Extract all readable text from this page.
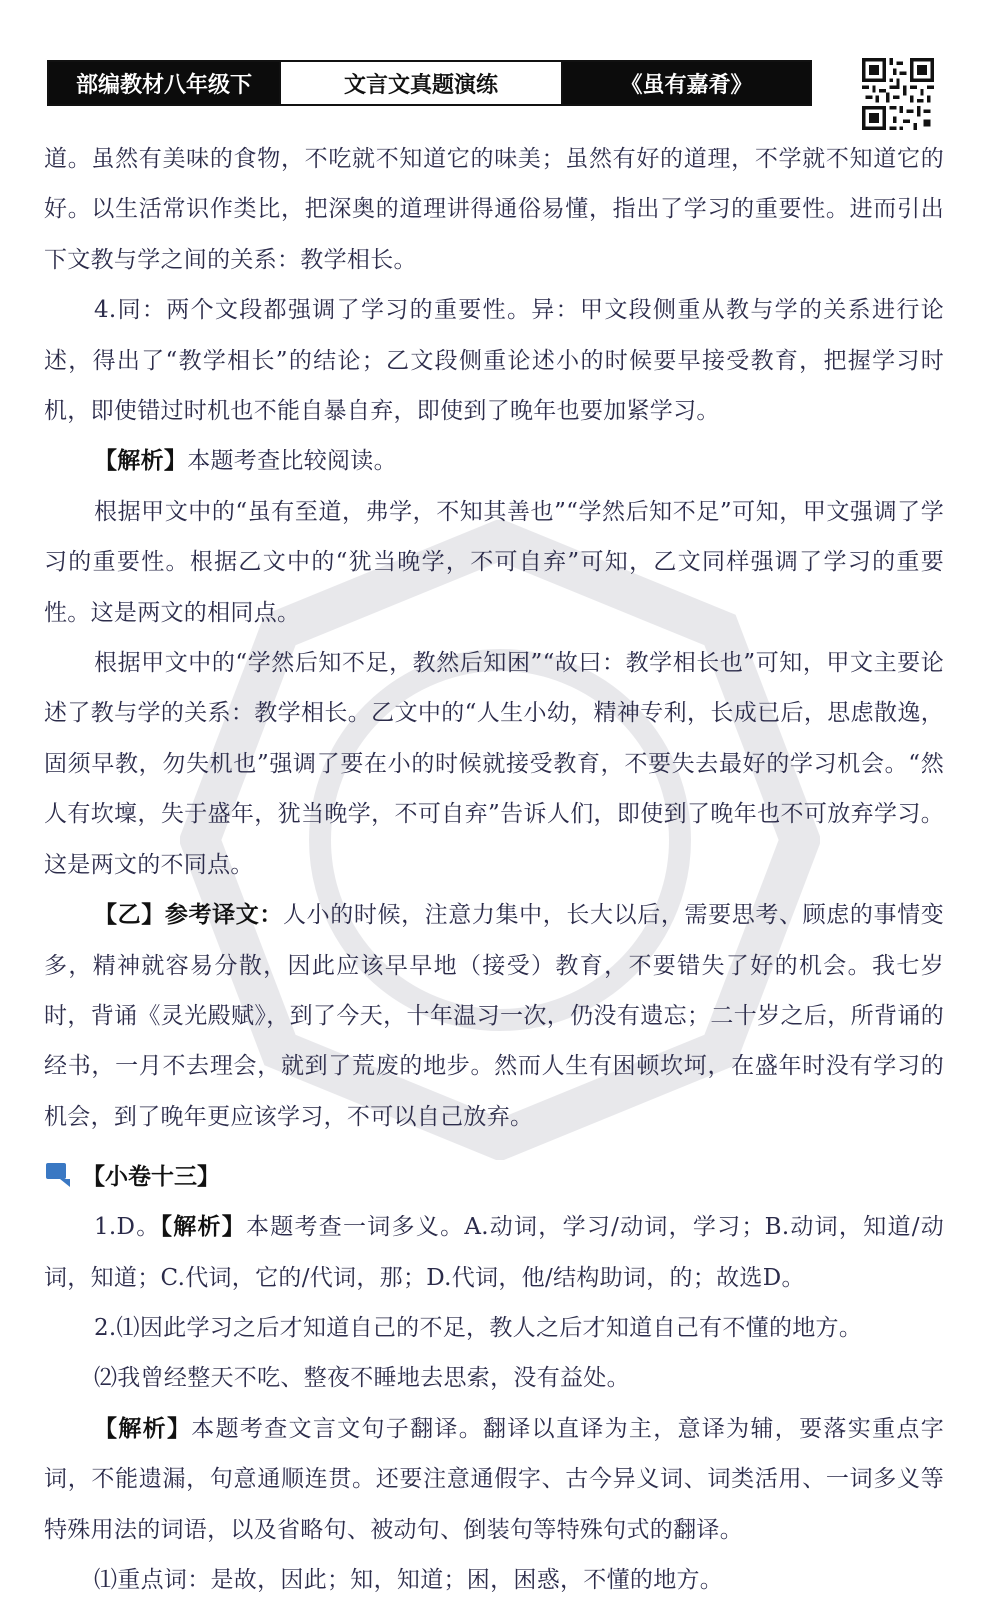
部编教材八年级下	文言文真题演练	《虽有嘉肴》

道。虽然有美味的食物，不吃就不知道它的味美；虽然有好的道理，不学就不知道它的好。以生活常识作类比，把深奥的道理讲得通俗易懂，指出了学习的重要性。进而引出下文教与学之间的关系：教学相长。

4.同：两个文段都强调了学习的重要性。异：甲文段侧重从教与学的关系进行论述，得出了“教学相长”的结论；乙文段侧重论述小的时候要早接受教育，把握学习时机，即使错过时机也不能自暴自弃，即使到了晚年也要加紧学习。

【解析】本题考查比较阅读。

根据甲文中的“虽有至道，弗学，不知其善也”“学然后知不足”可知，甲文强调了学习的重要性。根据乙文中的“犹当晚学，不可自弃”可知，乙文同样强调了学习的重要性。这是两文的相同点。

根据甲文中的“学然后知不足，教然后知困”“故曰：教学相长也”可知，甲文主要论述了教与学的关系：教学相长。乙文中的“人生小幼，精神专利，长成已后，思虑散逸，固须早教，勿失机也”强调了要在小的时候就接受教育，不要失去最好的学习机会。“然人有坎壈，失于盛年，犹当晚学，不可自弃”告诉人们，即使到了晚年也不可放弃学习。这是两文的不同点。

【乙】参考译文：人小的时候，注意力集中，长大以后，需要思考、顾虑的事情变多，精神就容易分散，因此应该早早地（接受）教育，不要错失了好的机会。我七岁时，背诵《灵光殿赋》，到了今天，十年温习一次，仍没有遗忘；二十岁之后，所背诵的经书，一月不去理会，就到了荒废的地步。然而人生有困顿坎坷，在盛年时没有学习的机会，到了晚年更应该学习，不可以自己放弃。

【小卷十三】

1.D。【解析】本题考查一词多义。A.动词，学习/动词，学习；B.动词，知道/动词，知道；C.代词，它的/代词，那；D.代词，他/结构助词，的；故选D。

2.⑴因此学习之后才知道自己的不足，教人之后才知道自己有不懂的地方。

⑵我曾经整天不吃、整夜不睡地去思索，没有益处。

【解析】本题考查文言文句子翻译。翻译以直译为主，意译为辅，要落实重点字词，不能遗漏，句意通顺连贯。还要注意通假字、古今异义词、词类活用、一词多义等特殊用法的词语，以及省略句、被动句、倒装句等特殊句式的翻译。

⑴重点词：是故，因此；知，知道；困，困惑，不懂的地方。
